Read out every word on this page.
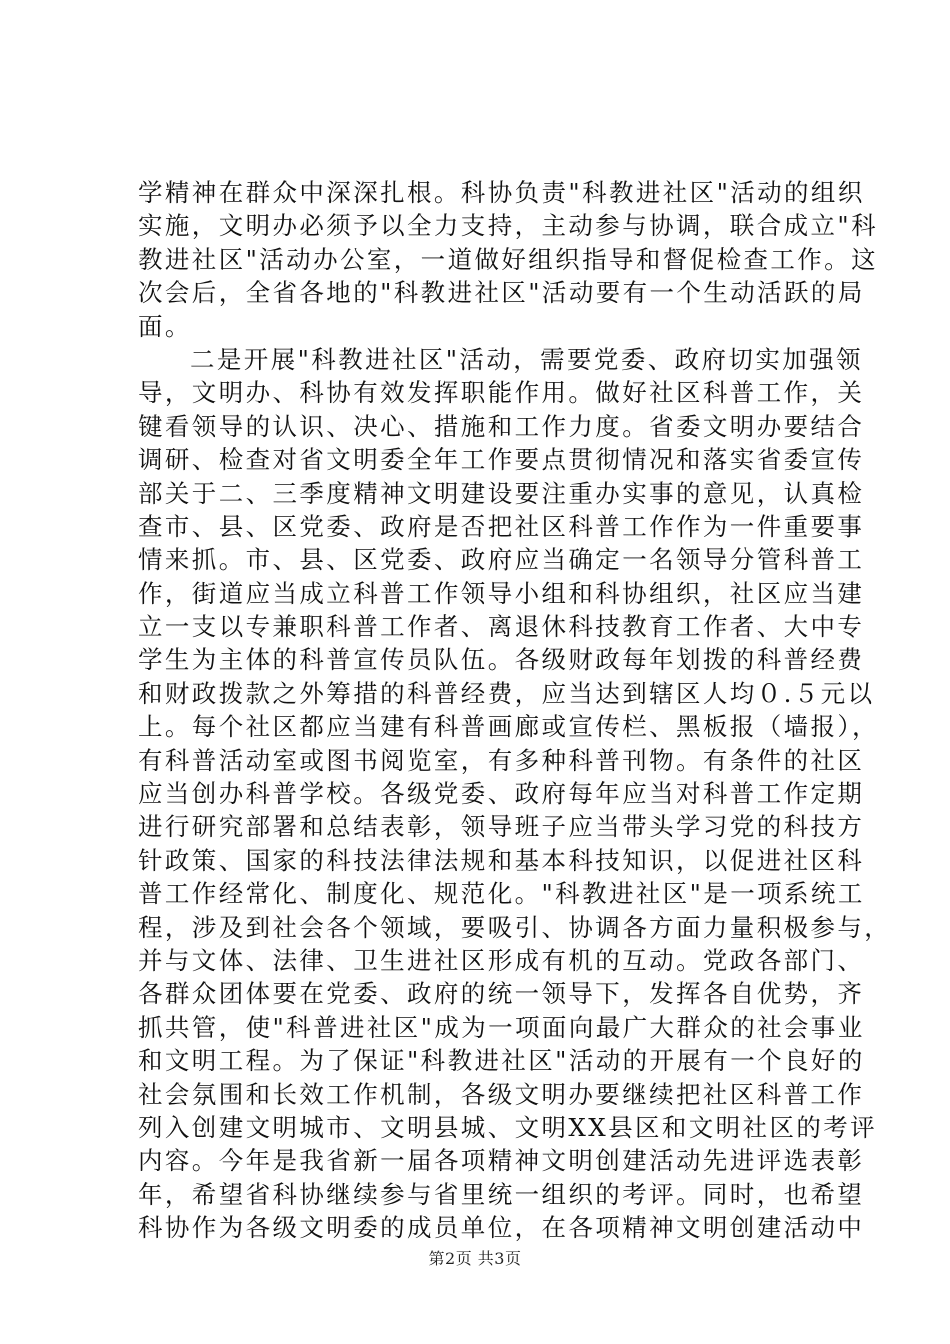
学精神在群众中深深扎根。科协负责"科教进社区"活动的组织
实施，文明办必须予以全力支持，主动参与协调，联合成立"科
教进社区"活动办公室，一道做好组织指导和督促检查工作。这
次会后，全省各地的"科教进社区"活动要有一个生动活跃的局
面。
二是开展"科教进社区"活动，需要党委、政府切实加强领
导，文明办、科协有效发挥职能作用。做好社区科普工作，关
键看领导的认识、决心、措施和工作力度。省委文明办要结合
调研、检查对省文明委全年工作要点贯彻情况和落实省委宣传
部关于二、三季度精神文明建设要注重办实事的意见，认真检
查市、县、区党委、政府是否把社区科普工作作为一件重要事
情来抓。市、县、区党委、政府应当确定一名领导分管科普工
作，街道应当成立科普工作领导小组和科协组织，社区应当建
立一支以专兼职科普工作者、离退休科技教育工作者、大中专
学生为主体的科普宣传员队伍。各级财政每年划拨的科普经费
和财政拨款之外筹措的科普经费，应当达到辖区人均０.５元以
上。每个社区都应当建有科普画廊或宣传栏、黑板报（墙报），
有科普活动室或图书阅览室，有多种科普刊物。有条件的社区
应当创办科普学校。各级党委、政府每年应当对科普工作定期
进行研究部署和总结表彰，领导班子应当带头学习党的科技方
针政策、国家的科技法律法规和基本科技知识，以促进社区科
普工作经常化、制度化、规范化。"科教进社区"是一项系统工
程，涉及到社会各个领域，要吸引、协调各方面力量积极参与，
并与文体、法律、卫生进社区形成有机的互动。党政各部门、
各群众团体要在党委、政府的统一领导下，发挥各自优势，齐
抓共管，使"科普进社区"成为一项面向最广大群众的社会事业
和文明工程。为了保证"科教进社区"活动的开展有一个良好的
社会氛围和长效工作机制，各级文明办要继续把社区科普工作
列入创建文明城市、文明县城、文明XX县区和文明社区的考评
内容。今年是我省新一届各项精神文明创建活动先进评选表彰
年，希望省科协继续参与省里统一组织的考评。同时，也希望
科协作为各级文明委的成员单位，在各项精神文明创建活动中
第2页 共3页
